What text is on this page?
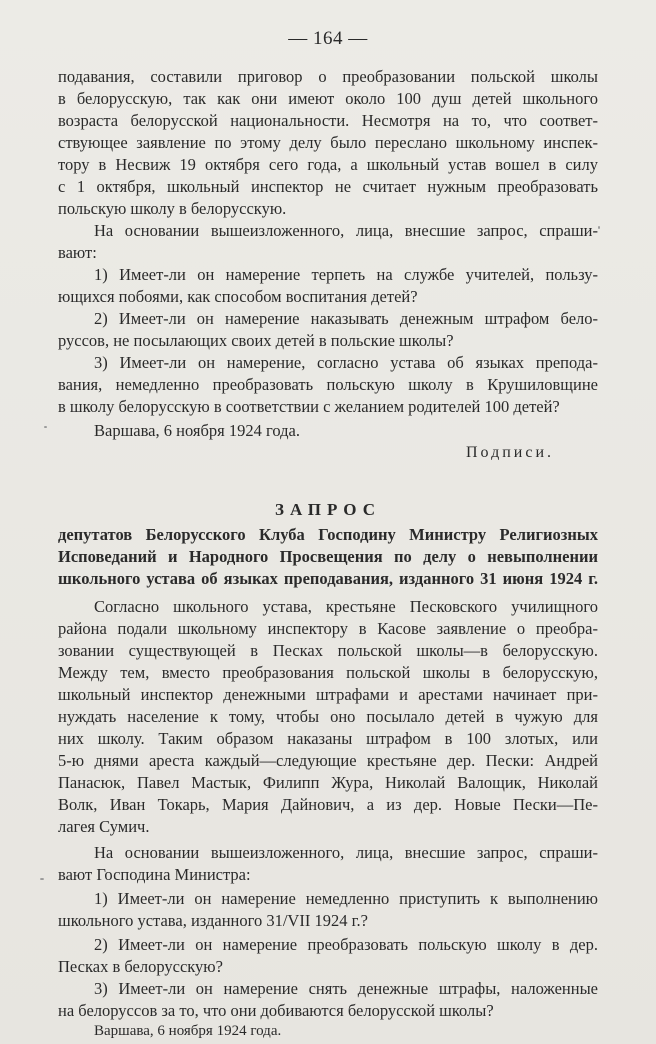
— 164 —
подавания, составили приговор о преобразовании польской школы
в белорусскую, так как они имеют около 100 душ детей школьного
возраста белорусской национальности. Несмотря на то, что соответ-
ствующее заявление по этому делу было переслано школьному инспек-
тору в Несвиж 19 октября сего года, а школьный устав вошел в силу
с 1 октября, школьный инспектор не считает нужным преобразовать
польскую школу в белорусскую.
На основании вышеизложенного, лица, внесшие запрос, спраши-
вают:
1) Имеет-ли он намерение терпеть на службе учителей, пользу-
ющихся побоями, как способом воспитания детей?
2) Имеет-ли он намерение наказывать денежным штрафом бело-
руссов, не посылающих своих детей в польские школы?
3) Имеет-ли он намерение, согласно устава об языках препода-
вания, немедленно преобразовать польскую школу в Крушиловщине
в школу белорусскую в соответствии с желанием родителей 100 детей?
Варшава, 6 ноября 1924 года.
Подписи.
ЗАПРОС
депутатов Белорусского Клуба Господину Министру Религиозных
Исповеданий и Народного Просвещения по делу о невыполнении
школьного устава об языках преподавания, изданного 31 июня 1924 г.
Согласно школьного устава, крестьяне Песковского училищного
района подали школьному инспектору в Касове заявление о преобра-
зовании существующей в Песках польской школы—в белорусскую.
Между тем, вместо преобразования польской школы в белорусскую,
школьный инспектор денежными штрафами и арестами начинает при-
нуждать население к тому, чтобы оно посылало детей в чужую для
них школу. Таким образом наказаны штрафом в 100 злотых, или
5-ю днями ареста каждый—следующие крестьяне дер. Пески: Андрей
Панасюк, Павел Мастык, Филипп Жура, Николай Валощик, Николай
Волк, Иван Токарь, Мария Дайнович, а из дер. Новые Пески—Пе-
лагея Сумич.
На основании вышеизложенного, лица, внесшие запрос, спраши-
вают Господина Министра:
1) Имеет-ли он намерение немедленно приступить к выполнению
школьного устава, изданного 31/VII 1924 г.?
2) Имеет-ли он намерение преобразовать польскую школу в дер.
Песках в белорусскую?
3) Имеет-ли он намерение снять денежные штрафы, наложенные
на белоруссов за то, что они добиваются белорусской школы?
Варшава, 6 ноября 1924 года.
